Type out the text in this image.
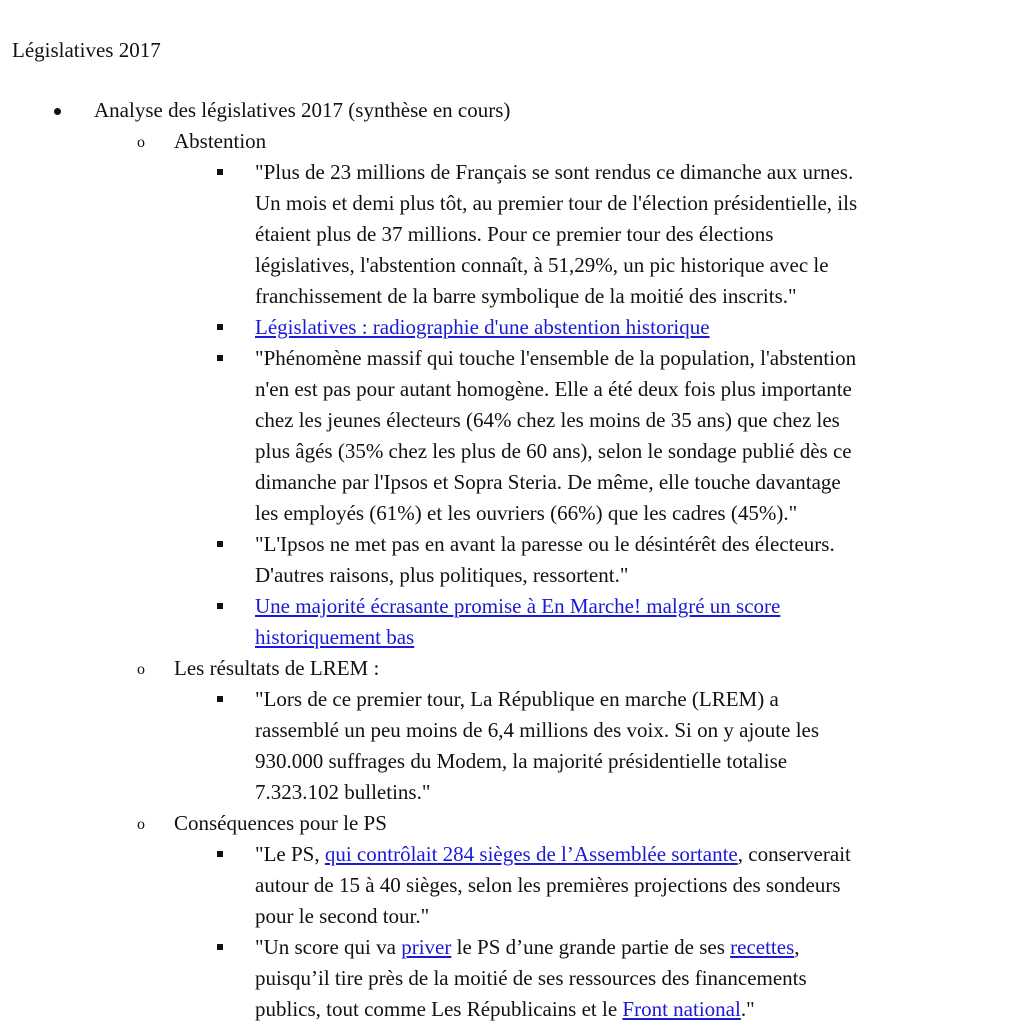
Législatives 2017
Analyse des législatives 2017 (synthèse en cours)
o Abstention
"Plus de 23 millions de Français se sont rendus ce dimanche aux urnes.
Un mois et demi plus tôt, au premier tour de l'élection présidentielle, ils
étaient plus de 37 millions. Pour ce premier tour des élections
législatives, l'abstention connaît, à 51,29%, un pic historique avec le
franchissement de la barre symbolique de la moitié des inscrits."
Législatives : radiographie d'une abstention historique
"Phénomène massif qui touche l'ensemble de la population, l'abstention
n'en est pas pour autant homogène. Elle a été deux fois plus importante
chez les jeunes électeurs (64% chez les moins de 35 ans) que chez les
plus âgés (35% chez les plus de 60 ans), selon le sondage publié dès ce
dimanche par l'Ipsos et Sopra Steria. De même, elle touche davantage
les employés (61%) et les ouvriers (66%) que les cadres (45%)."
"L'Ipsos ne met pas en avant la paresse ou le désintérêt des électeurs.
D'autres raisons, plus politiques, ressortent."
Une majorité écrasante promise à En Marche! malgré un score
historiquement bas
o Les résultats de LREM :
"Lors de ce premier tour, La République en marche (LREM) a
rassemblé un peu moins de 6,4 millions des voix. Si on y ajoute les
930.000 suffrages du Modem, la majorité présidentielle totalise
7.323.102 bulletins."
o Conséquences pour le PS
"Le PS, qui contrôlait 284 sièges de l’Assemblée sortante, conserverait
autour de 15 à 40 sièges, selon les premières projections des sondeurs
pour le second tour."
"Un score qui va priver le PS d’une grande partie de ses recettes,
puisqu’il tire près de la moitié de ses ressources des financements
publics, tout comme Les Républicains et le Front national."
